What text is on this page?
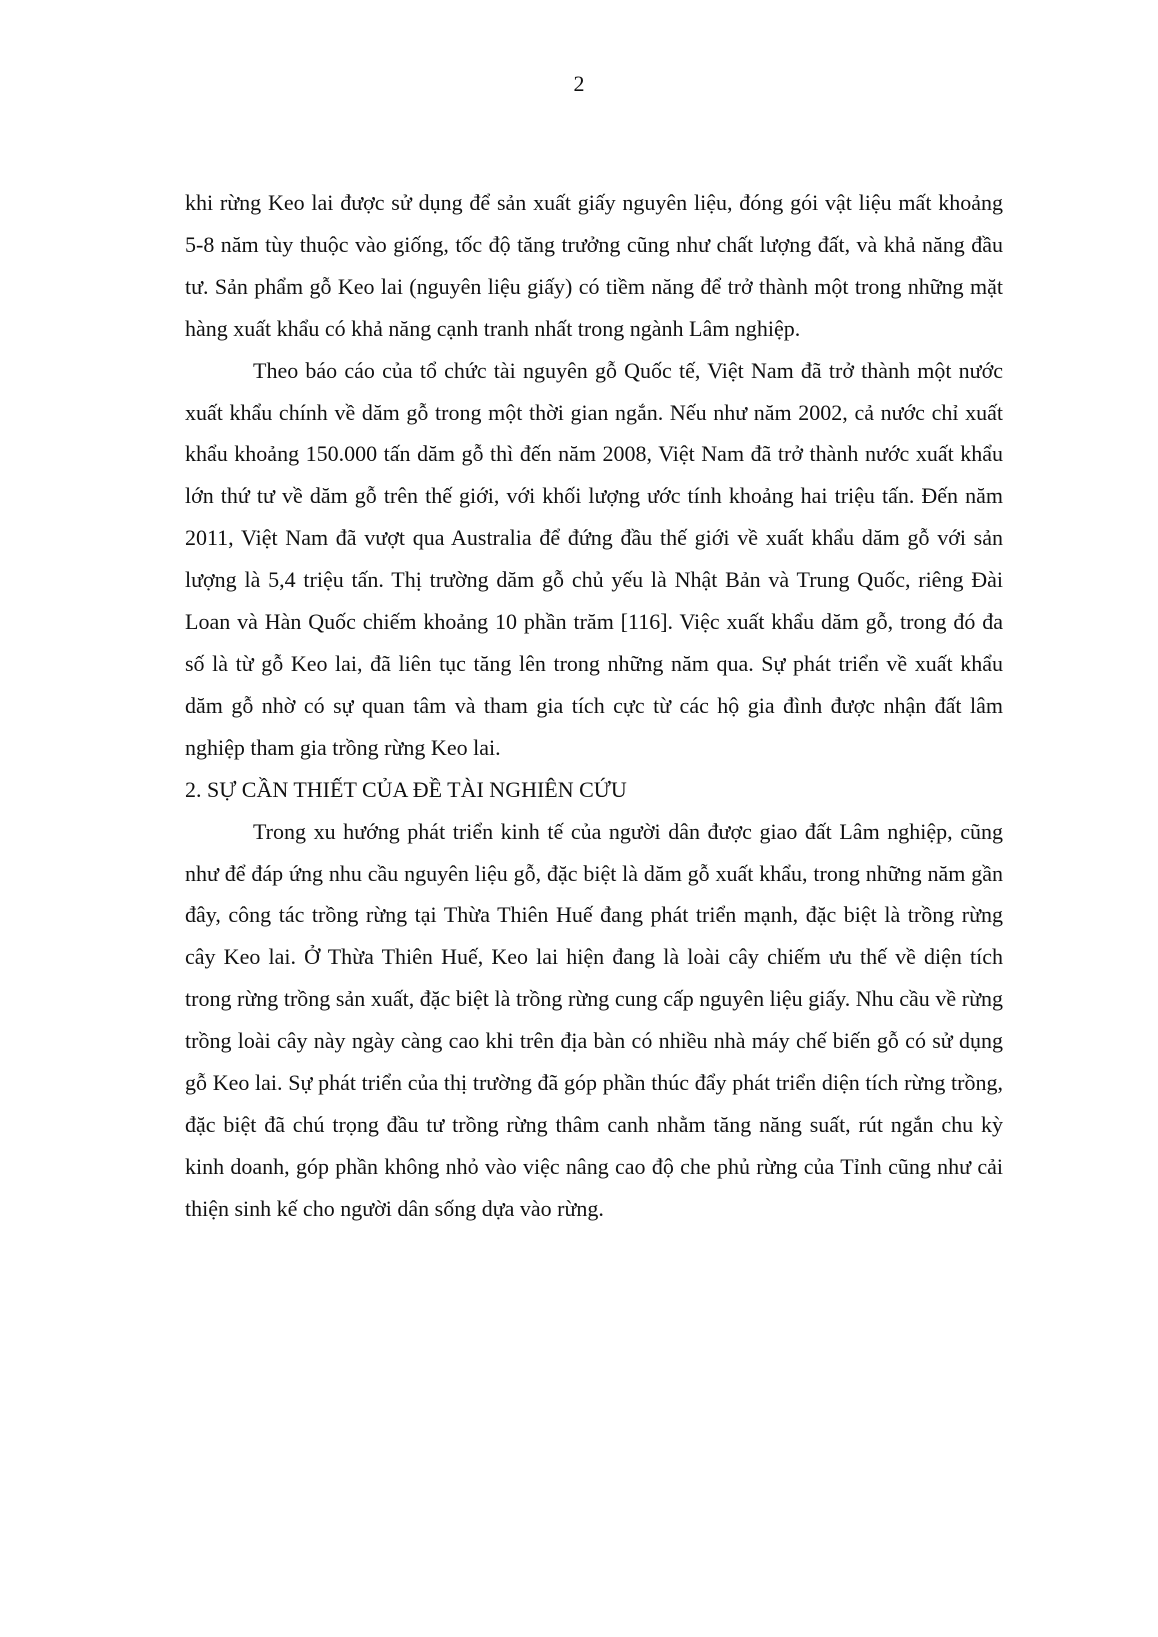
2

khi rừng Keo lai được sử dụng để sản xuất giấy nguyên liệu, đóng gói vật liệu mất khoảng 5-8 năm tùy thuộc vào giống, tốc độ tăng trưởng cũng như chất lượng đất, và khả năng đầu tư. Sản phẩm gỗ Keo lai (nguyên liệu giấy) có tiềm năng để trở thành một trong những mặt hàng xuất khẩu có khả năng cạnh tranh nhất trong ngành Lâm nghiệp.

Theo báo cáo của tổ chức tài nguyên gỗ Quốc tế, Việt Nam đã trở thành một nước xuất khẩu chính về dăm gỗ trong một thời gian ngắn. Nếu như năm 2002, cả nước chỉ xuất khẩu khoảng 150.000 tấn dăm gỗ thì đến năm 2008, Việt Nam đã trở thành nước xuất khẩu lớn thứ tư về dăm gỗ trên thế giới, với khối lượng ước tính khoảng hai triệu tấn. Đến năm 2011, Việt Nam đã vượt qua Australia để đứng đầu thế giới về xuất khẩu dăm gỗ với sản lượng là 5,4 triệu tấn. Thị trường dăm gỗ chủ yếu là Nhật Bản và Trung Quốc, riêng Đài Loan và Hàn Quốc chiếm khoảng 10 phần trăm [116]. Việc xuất khẩu dăm gỗ, trong đó đa số là từ gỗ Keo lai, đã liên tục tăng lên trong những năm qua. Sự phát triển về xuất khẩu dăm gỗ nhờ có sự quan tâm và tham gia tích cực từ các hộ gia đình được nhận đất lâm nghiệp tham gia trồng rừng Keo lai.

2. SỰ CẦN THIẾT CỦA ĐỀ TÀI NGHIÊN CỨU

Trong xu hướng phát triển kinh tế của người dân được giao đất Lâm nghiệp, cũng như để đáp ứng nhu cầu nguyên liệu gỗ, đặc biệt là dăm gỗ xuất khẩu, trong những năm gần đây, công tác trồng rừng tại Thừa Thiên Huế đang phát triển mạnh, đặc biệt là trồng rừng cây Keo lai. Ở Thừa Thiên Huế, Keo lai hiện đang là loài cây chiếm ưu thế về diện tích trong rừng trồng sản xuất, đặc biệt là trồng rừng cung cấp nguyên liệu giấy. Nhu cầu về rừng trồng loài cây này ngày càng cao khi trên địa bàn có nhiều nhà máy chế biến gỗ có sử dụng gỗ Keo lai. Sự phát triển của thị trường đã góp phần thúc đẩy phát triển diện tích rừng trồng, đặc biệt đã chú trọng đầu tư trồng rừng thâm canh nhằm tăng năng suất, rút ngắn chu kỳ kinh doanh, góp phần không nhỏ vào việc nâng cao độ che phủ rừng của Tỉnh cũng như cải thiện sinh kế cho người dân sống dựa vào rừng.
